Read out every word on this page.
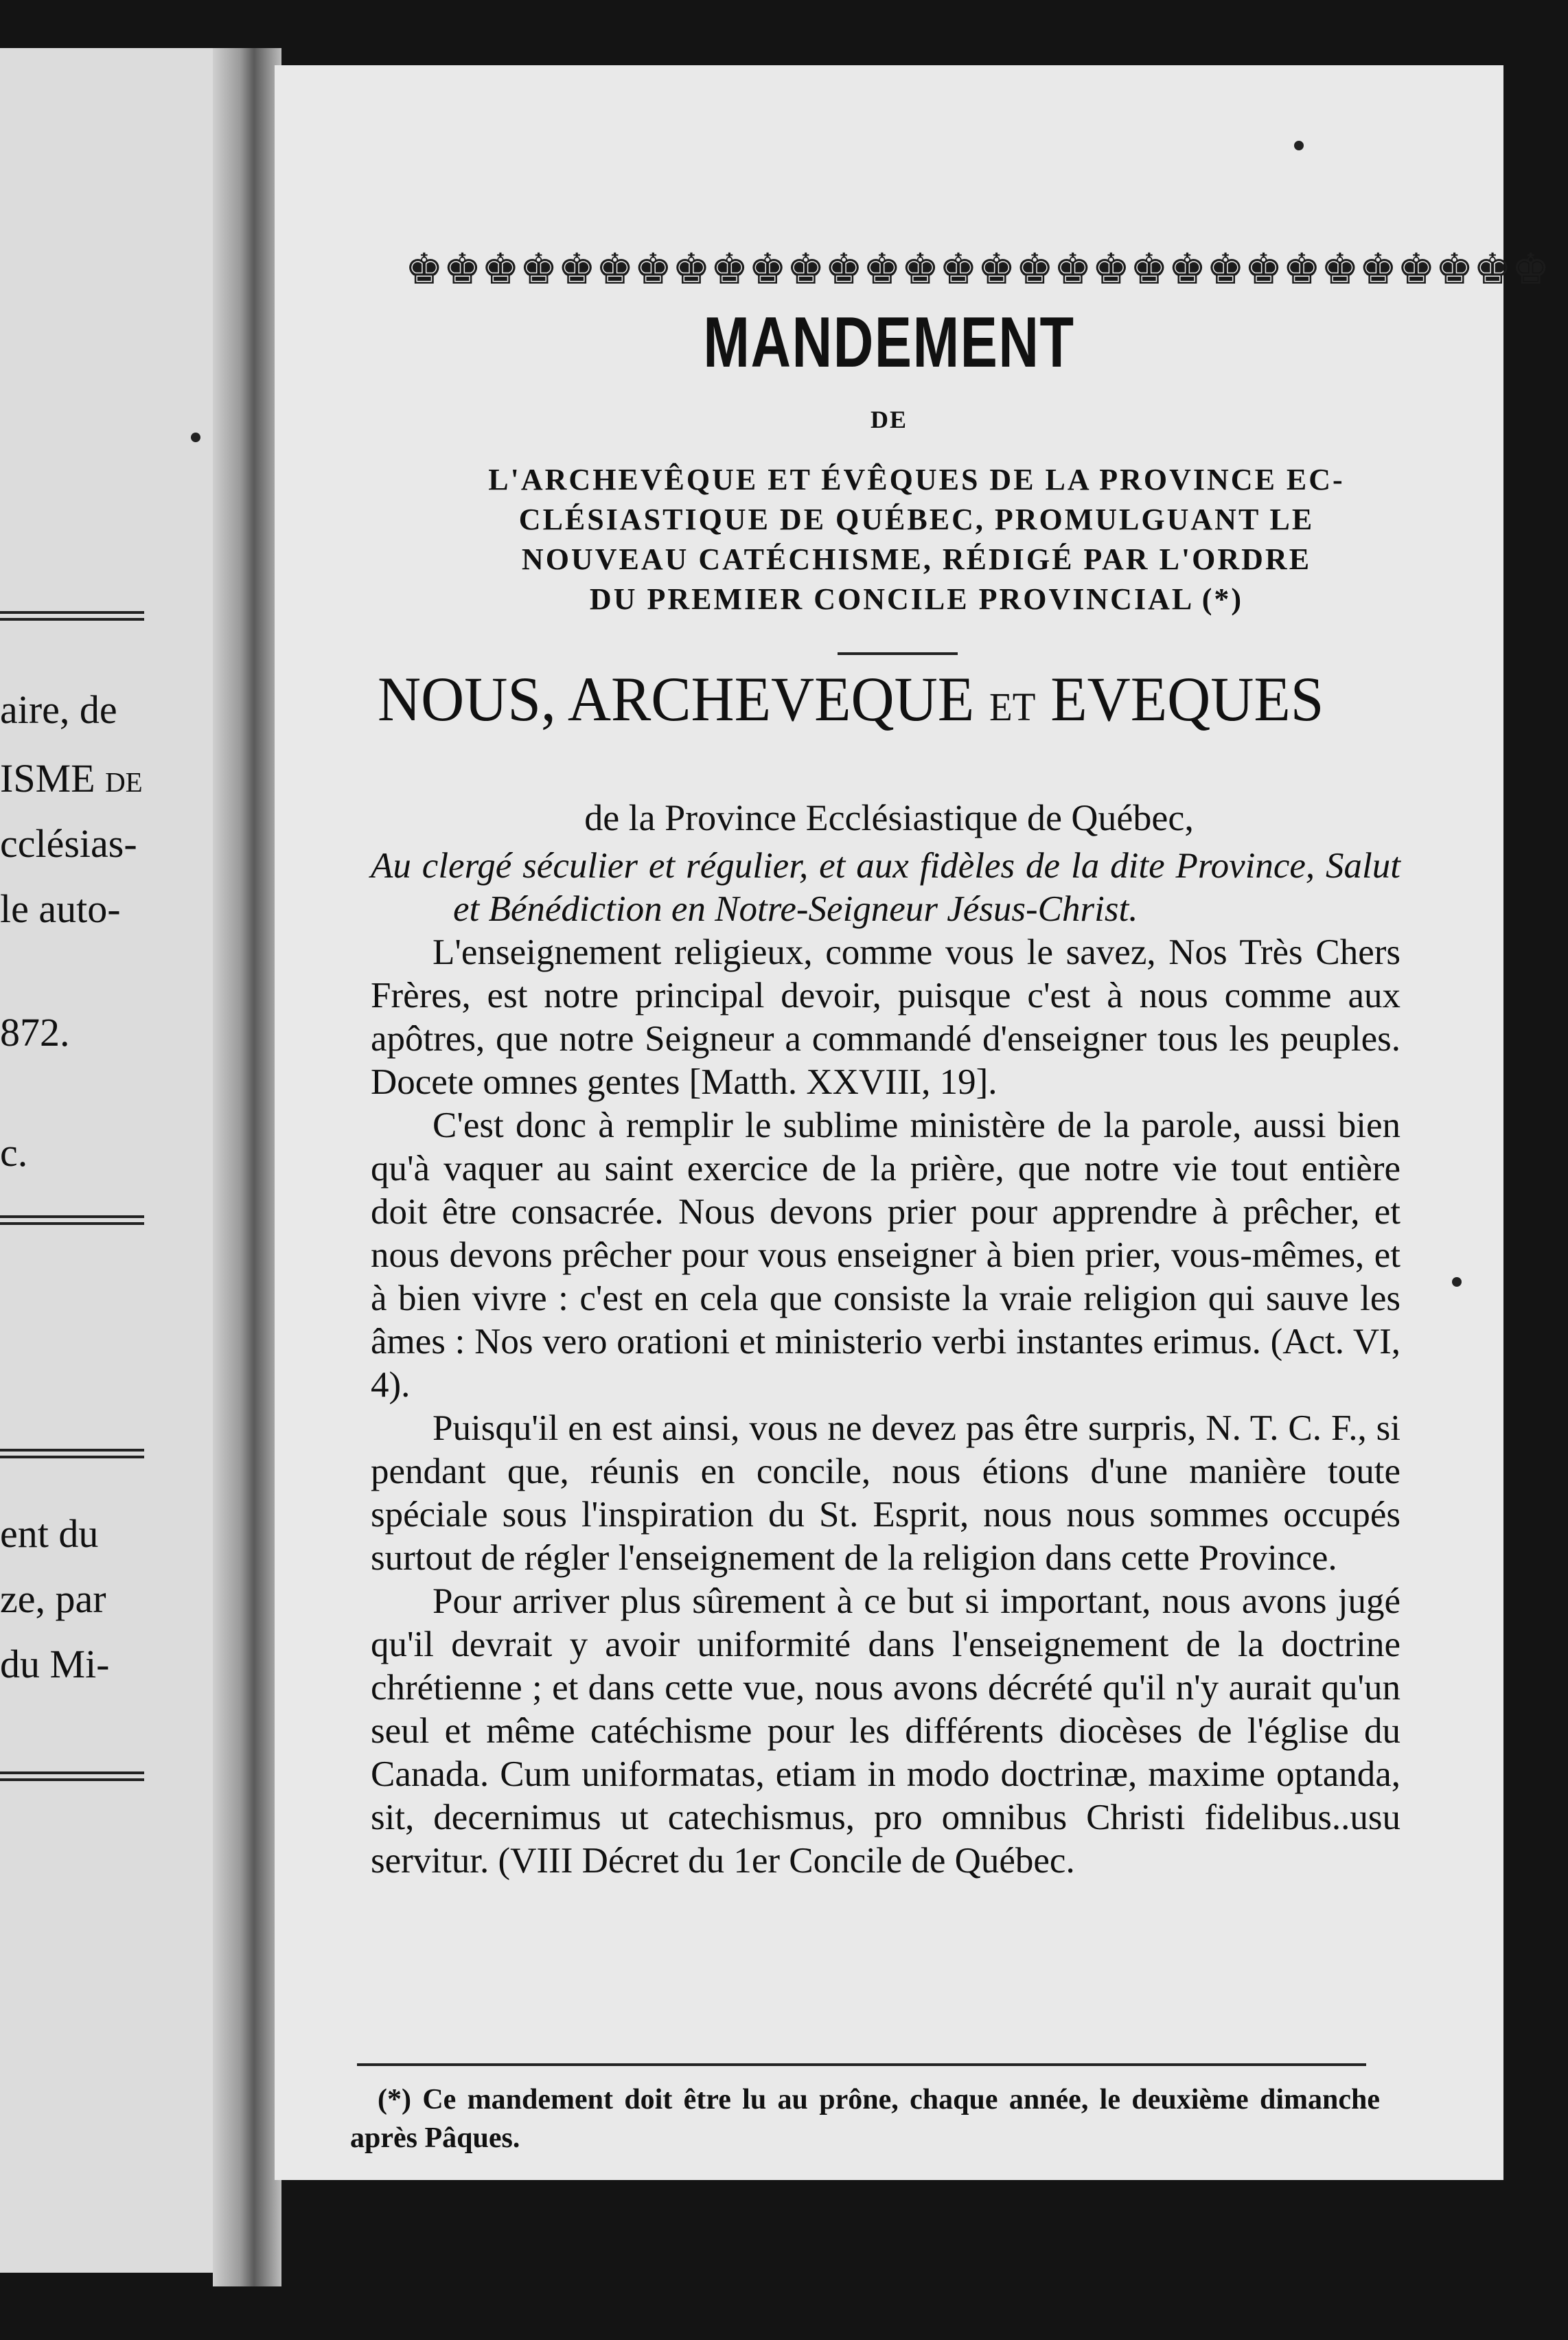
aire, de
ISME de
cclésias-
le auto-
872.
c.
ent du
ze, par
du Mi-
♚♚♚♚♚♚♚♚♚♚♚♚♚♚♚♚♚♚♚♚♚♚♚♚♚♚♚♚♚♚
MANDEMENT
DE
L'ARCHEVÊQUE ET ÉVÊQUES DE LA PROVINCE EC-
CLÉSIASTIQUE DE QUÉBEC, PROMULGUANT LE
NOUVEAU CATÉCHISME, RÉDIGÉ PAR L'ORDRE
DU PREMIER CONCILE PROVINCIAL (*)
NOUS, ARCHEVEQUE ET EVEQUES
de la Province Ecclésiastique de Québec,

Au clergé séculier et régulier, et aux fidèles de la dite Province, Salut et Bénédiction en Notre-Seigneur Jésus-Christ.

L'enseignement religieux, comme vous le savez, Nos Très Chers Frères, est notre principal devoir, puisque c'est à nous comme aux apôtres, que notre Seigneur a commandé d'enseigner tous les peuples. Docete omnes gentes [Matth. XXVIII, 19].

C'est donc à remplir le sublime ministère de la parole, aussi bien qu'à vaquer au saint exercice de la prière, que notre vie tout entière doit être consacrée. Nous devons prier pour apprendre à prêcher, et nous devons prêcher pour vous enseigner à bien prier, vous-mêmes, et à bien vivre : c'est en cela que consiste la vraie religion qui sauve les âmes : Nos vero orationi et ministerio verbi instantes erimus. (Act. VI, 4).

Puisqu'il en est ainsi, vous ne devez pas être surpris, N. T. C. F., si pendant que, réunis en concile, nous étions d'une manière toute spéciale sous l'inspiration du St. Esprit, nous nous sommes occupés surtout de régler l'enseignement de la religion dans cette Province.

Pour arriver plus sûrement à ce but si important, nous avons jugé qu'il devrait y avoir uniformité dans l'enseignement de la doctrine chrétienne ; et dans cette vue, nous avons décrété qu'il n'y aurait qu'un seul et même catéchisme pour les différents diocèses de l'église du Canada. Cum uniformatas, etiam in modo doctrinæ, maxime optanda, sit, decernimus ut catechismus, pro omnibus Christi fidelibus..usu servitur. (VIII Décret du 1er Concile de Québec.

(*) Ce mandement doit être lu au prône, chaque année, le deuxième dimanche après Pâques.
